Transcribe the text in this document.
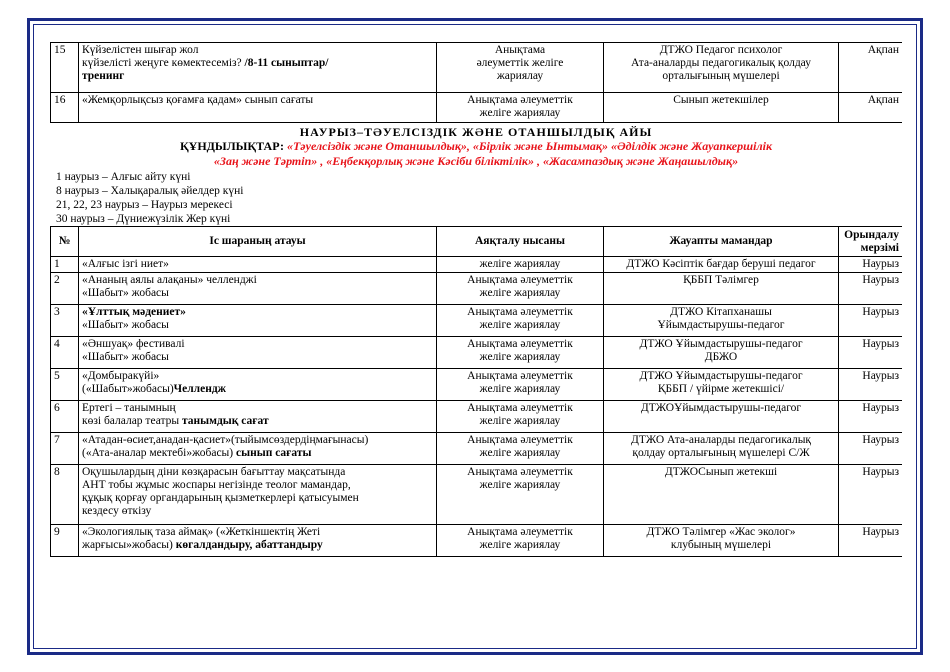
15	Күйзелістен шығар жол
күйзелісті жеңуге көмектесеміз? /8-11 сыныптар/
тренинг	Анықтама
әлеуметтік желіге
жариялау	ДТЖО Педагог психолог
Ата-аналарды педагогикалық қолдау
орталығының мүшелері	Ақпан
16	«Жемқорлықсыз қоғамға қадам» сынып сағаты	Анықтама әлеуметтік
желіге жариялау	Сынып жетекшілер	Ақпан
НАУРЫЗ–ТӘУЕЛСІЗДІК ЖӘНЕ ОТАНШЫЛДЫҚ АЙЫ
ҚҰНДЫЛЫҚТАР: «Тәуелсіздік және Отаншылдық», «Бірлік және Ынтымақ» «Әділдік және Жауапкершілік
«Заң және Тәртіп» , «Еңбекқорлық және Кәсіби біліктілік» , «Жасампаздық және Жаңашылдық»
1 наурыз – Алғыс айту күні
8 наурыз – Халықаралық әйелдер күні
21, 22, 23 наурыз – Наурыз мерекесі
30 наурыз – Дүниежүзілік Жер күні
№	Іс шараның атауы	Аяқталу нысаны	Жауапты мамандар	Орындалу
мерзімі
1	«Алғыс ізгі ниет»	желіге жариялау	ДТЖО Кәсіптік бағдар беруші педагог	Наурыз
2	«Ананың аялы алақаны» челленджі
«Шабыт» жобасы	Анықтама әлеуметтік
желіге жариялау	ҚББП Тәлімгер	Наурыз
3	«Ұлттық мәдениет»
«Шабыт» жобасы	Анықтама әлеуметтік
желіге жариялау	ДТЖО Кітапханашы
Ұйымдастырушы-педагог	Наурыз
4	«Әншуақ» фестивалі
«Шабыт» жобасы	Анықтама әлеуметтік
желіге жариялау	ДТЖО Ұйымдастырушы-педагог
ДБЖО	Наурыз
5	«Домбыракүйі»
(«Шабыт»жобасы)Челлендж	Анықтама әлеуметтік
желіге жариялау	ДТЖО Ұйымдастырушы-педагог
ҚББП / үйірме жетекшісі/	Наурыз
6	Ертегі – танымның
көзі балалар театры танымдық сағат	Анықтама әлеуметтік
желіге жариялау	ДТЖОҰйымдастырушы-педагог	Наурыз
7	«Атадан-өсиет,анадан-қасиет»(тыйымсөздердіңмағынасы)
(«Ата-аналар мектебі»жобасы) сынып сағаты	Анықтама әлеуметтік
желіге жариялау	ДТЖО Ата-аналарды педагогикалық
қолдау орталығының мүшелері С/Ж	Наурыз
8	Оқушылардың діни көзқарасын бағыттау мақсатында
АНТ тобы жұмыс жоспары негізінде теолог мамандар,
құқық қорғау органдарының қызметкерлері қатысуымен
кездесу өткізу	Анықтама әлеуметтік
желіге жариялау	ДТЖОСынып жетекші	Наурыз
9	«Экологиялық таза аймақ» («Жеткіншектің Жеті
жарғысы»жобасы) көгалдандыру, абаттандыру	Анықтама әлеуметтік
желіге жариялау	ДТЖО Тәлімгер «Жас эколог»
клубының мүшелері	Наурыз
